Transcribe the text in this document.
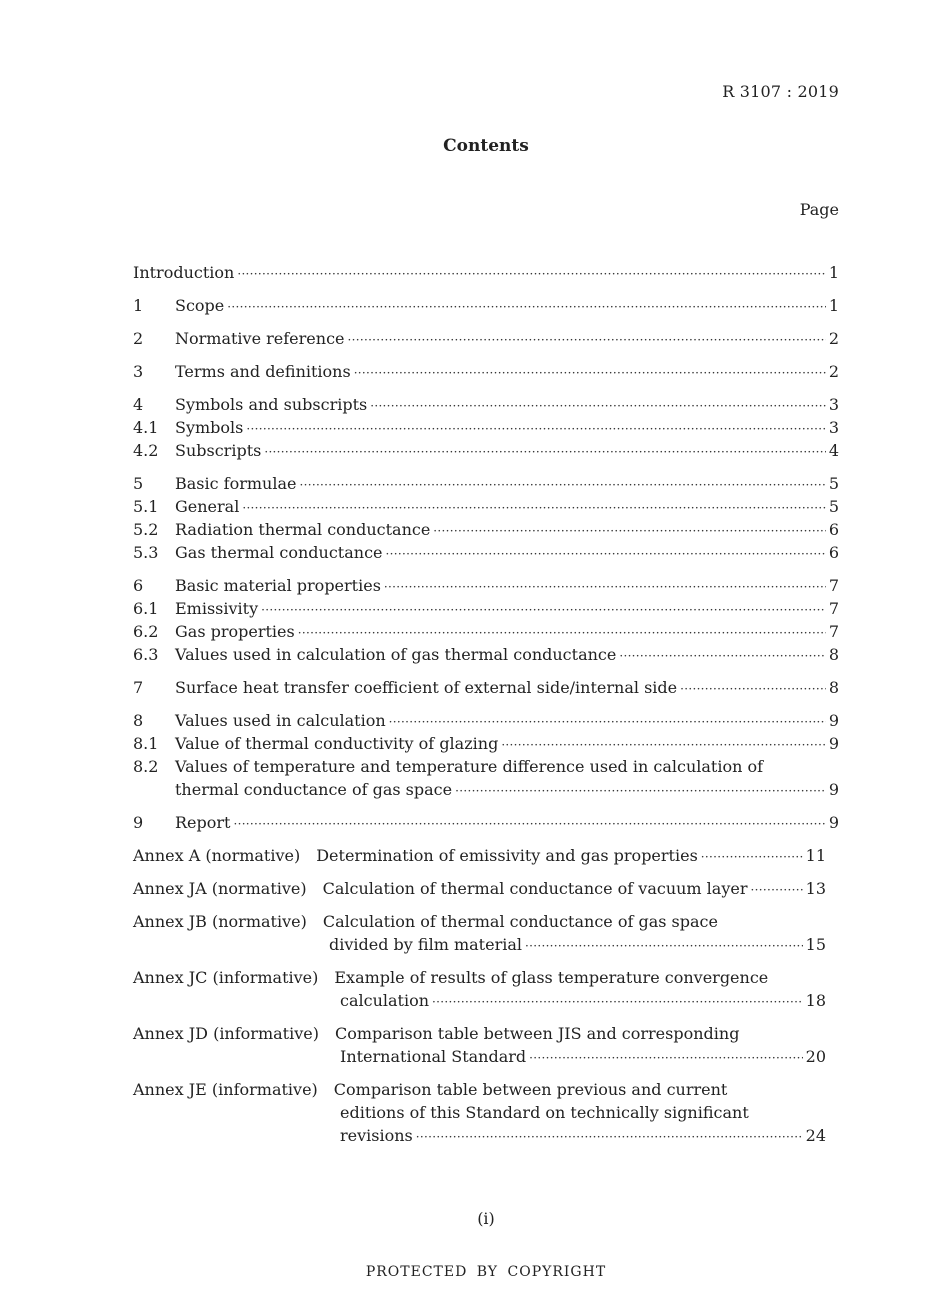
R 3107 : 2019
Contents
Page
Introduction ·····	1
1	Scope ·····	1
2	Normative reference ·····	2
3	Terms and definitions ·····	2
4	Symbols and subscripts ·····	3
4.1	Symbols ·····	3
4.2	Subscripts ·····	4
5	Basic formulae ·····	5
5.1	General ·····	5
5.2	Radiation thermal conductance ·····	6
5.3	Gas thermal conductance ·····	6
6	Basic material properties ·····	7
6.1	Emissivity ·····	7
6.2	Gas properties ·····	7
6.3	Values used in calculation of gas thermal conductance ·····	8
7	Surface heat transfer coefficient of external side/internal side ·····	8
8	Values used in calculation ·····	9
8.1	Value of thermal conductivity of glazing ·····	9
8.2	Values of temperature and temperature difference used in calculation of
thermal conductance of gas space ·····	9
9	Report ·····	9
Annex A (normative)	Determination of emissivity and gas properties ·····	11
Annex JA (normative)	Calculation of thermal conductance of vacuum layer ·····	13
Annex JB (normative)	Calculation of thermal conductance of gas space
divided by film material ·····	15
Annex JC (informative)	Example of results of glass temperature convergence
calculation ·····	18
Annex JD (informative)	Comparison table between JIS and corresponding
International Standard ·····	20
Annex JE (informative)	Comparison table between previous and current
editions of this Standard on technically significant
revisions ·····	24
(i)
PROTECTED BY COPYRIGHT
